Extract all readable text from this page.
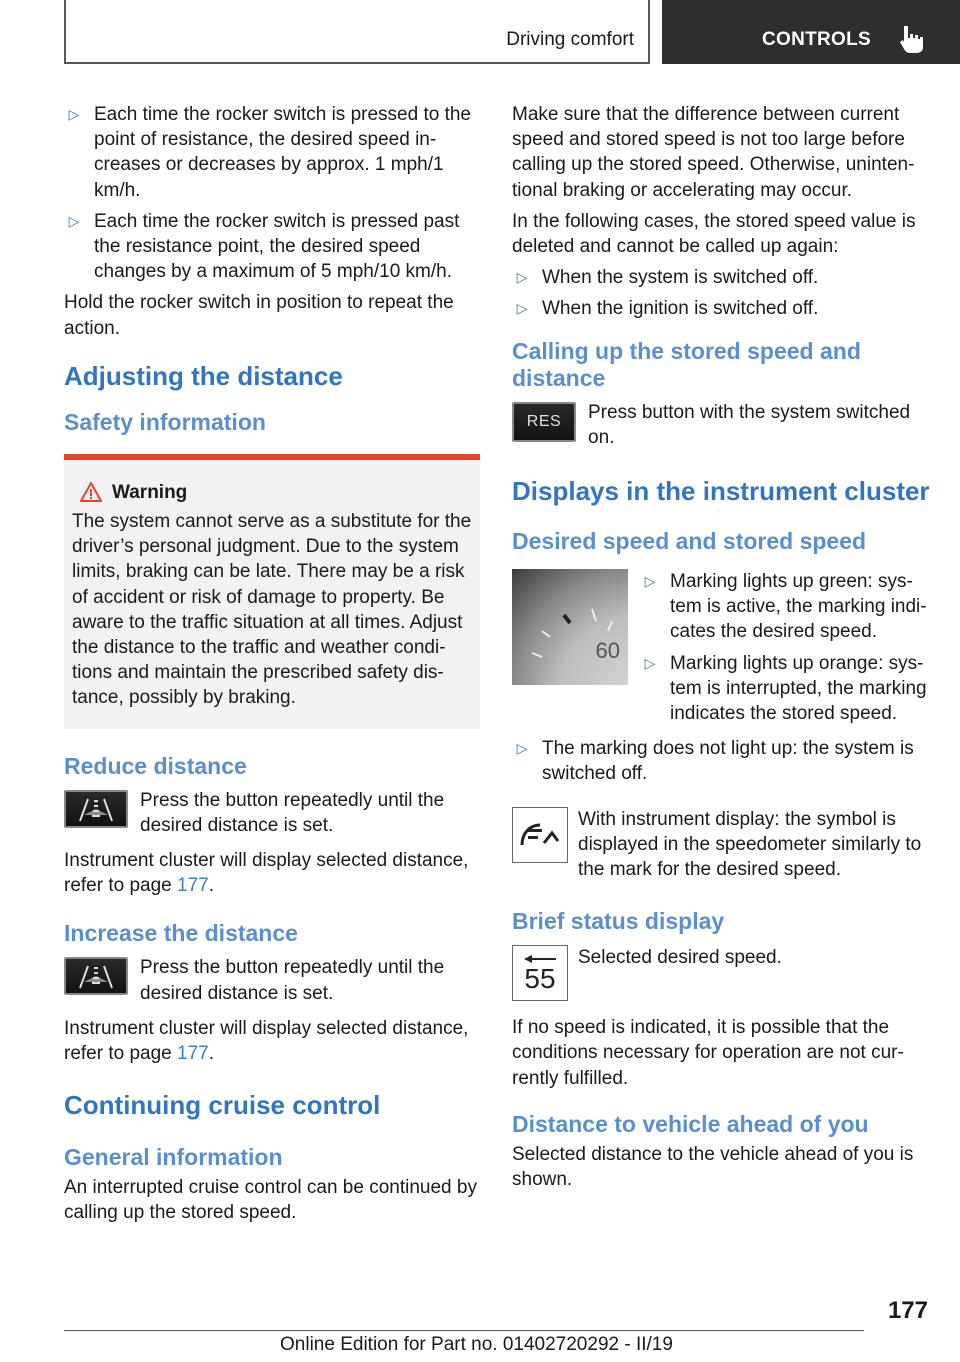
Driving comfort	CONTROLS
▷ Each time the rocker switch is pressed to the point of resistance, the desired speed in-creases or decreases by approx. 1 mph/1 km/h.
▷ Each time the rocker switch is pressed past the resistance point, the desired speed changes by a maximum of 5 mph/10 km/h.

Hold the rocker switch in position to repeat the action.

Adjusting the distance
Safety information
Warning
The system cannot serve as a substitute for the driver’s personal judgment. Due to the system limits, braking can be late. There may be a risk of accident or risk of damage to property. Be aware to the traffic situation at all times. Adjust the distance to the traffic and weather condi-tions and maintain the prescribed safety dis-tance, possibly by braking.
Reduce distance
Press the button repeatedly until the desired distance is set.

Instrument cluster will display selected distance, refer to page 177.

Increase the distance
Press the button repeatedly until the desired distance is set.

Instrument cluster will display selected distance, refer to page 177.

Continuing cruise control
General information

An interrupted cruise control can be continued by calling up the stored speed.

Make sure that the difference between current speed and stored speed is not too large before calling up the stored speed. Otherwise, uninten-tional braking or accelerating may occur.

In the following cases, the stored speed value is deleted and cannot be called up again:

▷ When the system is switched off.
▷ When the ignition is switched off.
Calling up the stored speed and distance
RES Press button with the system switched on.
Displays in the instrument cluster
Desired speed and stored speed
60
▷ Marking lights up green: sys-tem is active, the marking indi-cates the desired speed.
▷ Marking lights up orange: sys-tem is interrupted, the marking indicates the stored speed.
▷ The marking does not light up: the system is switched off.
With instrument display: the symbol is displayed in the speedometer similarly to the mark for the desired speed.
Brief status display
55
Selected desired speed.

If no speed is indicated, it is possible that the conditions necessary for operation are not cur-rently fulfilled.

Distance to vehicle ahead of you

Selected distance to the vehicle ahead of you is shown.

177
Online Edition for Part no. 01402720292 - II/19
